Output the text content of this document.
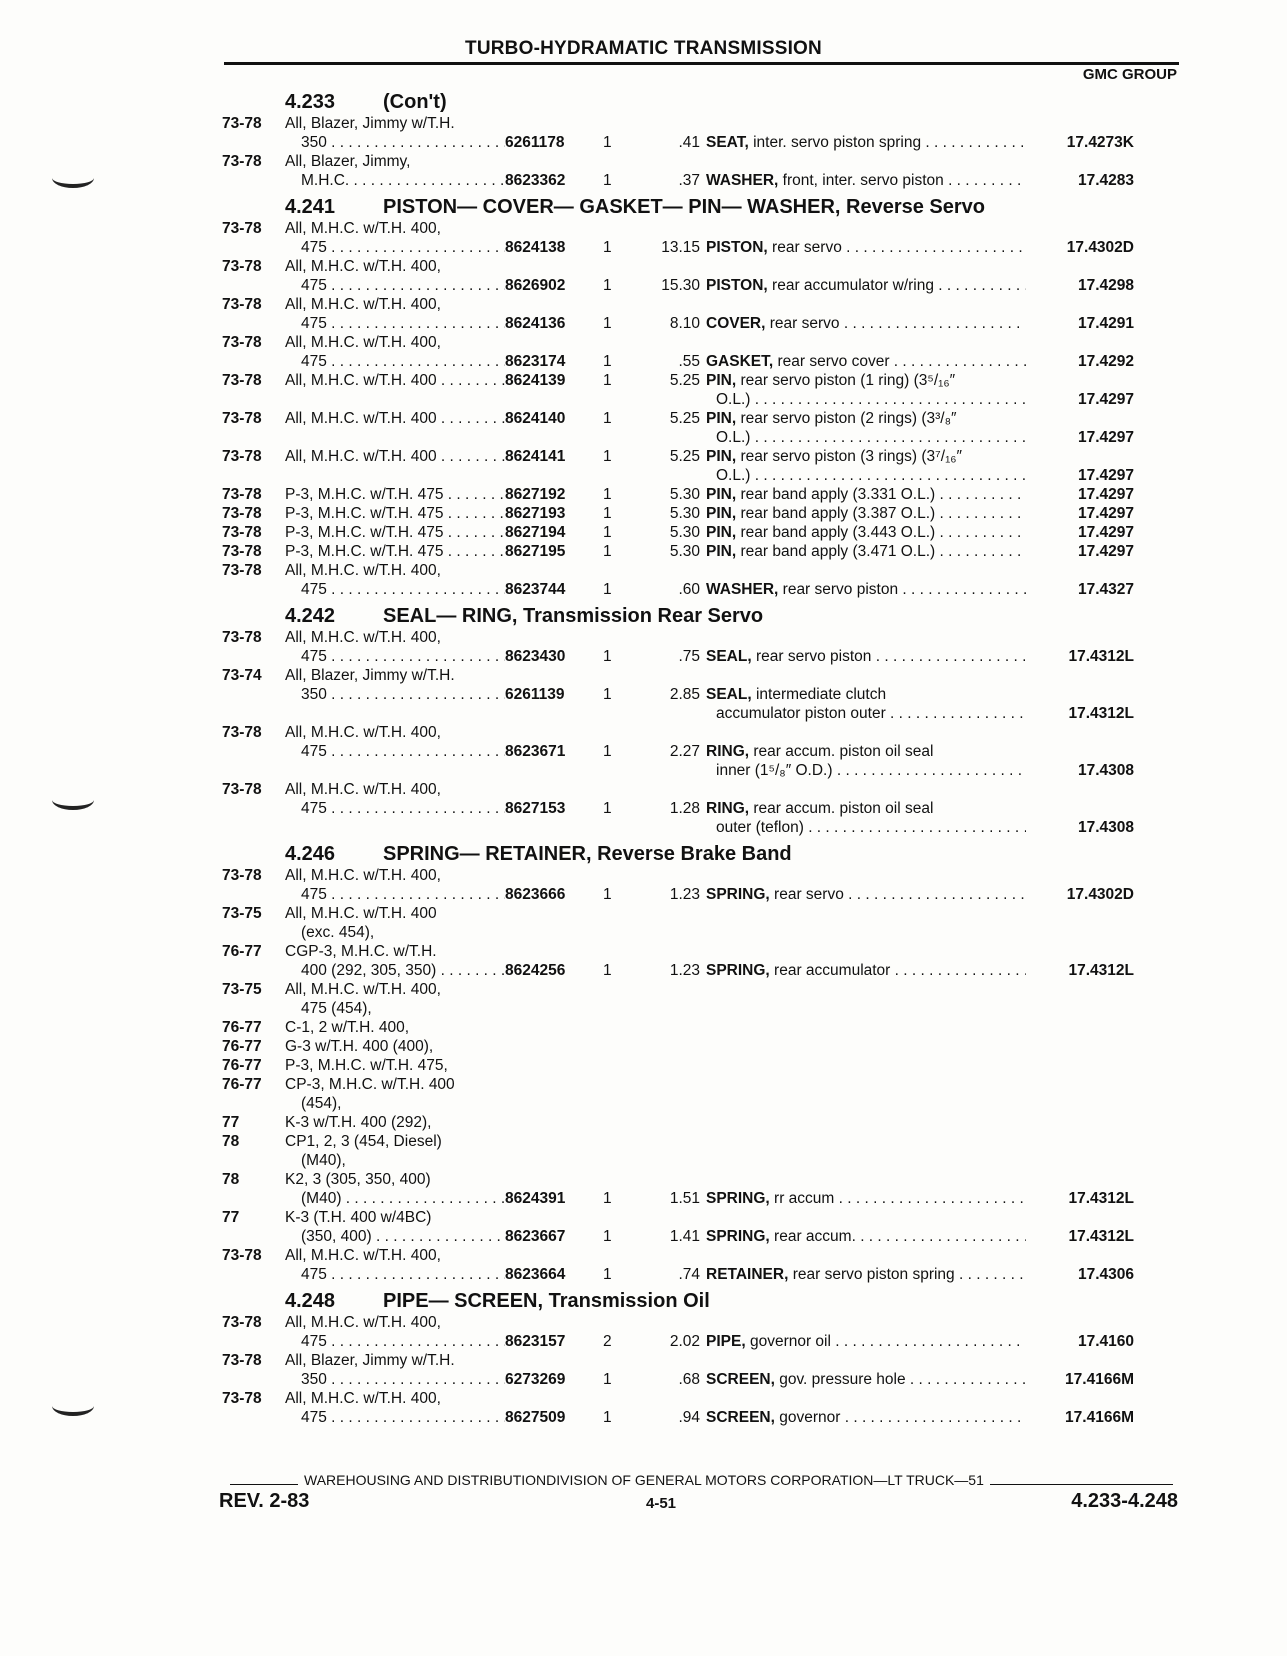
TURBO-HYDRAMATIC TRANSMISSION
GMC GROUP
4.233	(Con't)
73-78	All, Blazer, Jimmy w/T.H.
350 . . .	6261178	1	.41 SEAT, inter. servo piston spring . . .	17.4273K
73-78	All, Blazer, Jimmy,
M.H.C. . . .	8623362	1	.37 WASHER, front, inter. servo piston . . .	17.4283
4.241	PISTON— COVER— GASKET— PIN— WASHER, Reverse Servo
73-78	All, M.H.C. w/T.H. 400,
475 . . .	8624138	1	13.15 PISTON, rear servo . . .	17.4302D
73-78	All, M.H.C. w/T.H. 400,
475 . . .	8626902	1	15.30 PISTON, rear accumulator w/ring . . .	17.4298
73-78	All, M.H.C. w/T.H. 400,
475 . . .	8624136	1	8.10 COVER, rear servo . . .	17.4291
73-78	All, M.H.C. w/T.H. 400,
475 . . .	8623174	1	.55 GASKET, rear servo cover . . .	17.4292
73-78	All, M.H.C. w/T.H. 400 . . .	8624139	1	5.25 PIN, rear servo piston (1 ring) (3⁵/₁₆″
O.L.) . . .	17.4297
73-78	All, M.H.C. w/T.H. 400 . . .	8624140	1	5.25 PIN, rear servo piston (2 rings) (3³/₈″
O.L.) . . .	17.4297
73-78	All, M.H.C. w/T.H. 400 . . .	8624141	1	5.25 PIN, rear servo piston (3 rings) (3⁷/₁₆″
O.L.) . . .	17.4297
73-78	P-3, M.H.C. w/T.H. 475 . . .	8627192	1	5.30 PIN, rear band apply (3.331 O.L.) . . .	17.4297
73-78	P-3, M.H.C. w/T.H. 475 . . .	8627193	1	5.30 PIN, rear band apply (3.387 O.L.) . . .	17.4297
73-78	P-3, M.H.C. w/T.H. 475 . . .	8627194	1	5.30 PIN, rear band apply (3.443 O.L.) . . .	17.4297
73-78	P-3, M.H.C. w/T.H. 475 . . .	8627195	1	5.30 PIN, rear band apply (3.471 O.L.) . . .	17.4297
73-78	All, M.H.C. w/T.H. 400,
475 . . .	8623744	1	.60 WASHER, rear servo piston . . .	17.4327
4.242	SEAL— RING, Transmission Rear Servo
73-78	All, M.H.C. w/T.H. 400,
475 . . .	8623430	1	.75 SEAL, rear servo piston . . .	17.4312L
73-74	All, Blazer, Jimmy w/T.H.
350 . . .	6261139	1	2.85 SEAL, intermediate clutch
accumulator piston outer . . .	17.4312L
73-78	All, M.H.C. w/T.H. 400,
475 . . .	8623671	1	2.27 RING, rear accum. piston oil seal
inner (1⁵/₈″ O.D.) . . .	17.4308
73-78	All, M.H.C. w/T.H. 400,
475 . . .	8627153	1	1.28 RING, rear accum. piston oil seal
outer (teflon) . . .	17.4308
4.246	SPRING— RETAINER, Reverse Brake Band
73-78	All, M.H.C. w/T.H. 400,
475 . . .	8623666	1	1.23 SPRING, rear servo . . .	17.4302D
73-75	All, M.H.C. w/T.H. 400
(exc. 454),
76-77	CGP-3, M.H.C. w/T.H.
400 (292, 305, 350) . . .	8624256	1	1.23 SPRING, rear accumulator . . .	17.4312L
73-75	All, M.H.C. w/T.H. 400,
475 (454),
76-77	C-1, 2 w/T.H. 400,
76-77	G-3 w/T.H. 400 (400),
76-77	P-3, M.H.C. w/T.H. 475,
76-77	CP-3, M.H.C. w/T.H. 400
(454),
77	K-3 w/T.H. 400 (292),
78	CP1, 2, 3 (454, Diesel)
(M40),
78	K2, 3 (305, 350, 400)
(M40) . . .	8624391	1	1.51 SPRING, rr accum . . .	17.4312L
77	K-3 (T.H. 400 w/4BC)
(350, 400) . . .	8623667	1	1.41 SPRING, rear accum. . . .	17.4312L
73-78	All, M.H.C. w/T.H. 400,
475 . . .	8623664	1	.74 RETAINER, rear servo piston spring . . .	17.4306
4.248	PIPE— SCREEN, Transmission Oil
73-78	All, M.H.C. w/T.H. 400,
475 . . .	8623157	2	2.02 PIPE, governor oil . . .	17.4160
73-78	All, Blazer, Jimmy w/T.H.
350 . . .	6273269	1	.68 SCREEN, gov. pressure hole . . .	17.4166M
73-78	All, M.H.C. w/T.H. 400,
475 . . .	8627509	1	.94 SCREEN, governor . . .	17.4166M
WAREHOUSING AND DISTRIBUTIONDIVISION OF GENERAL MOTORS CORPORATION—LT TRUCK—51
REV. 2-83	4-51	4.233-4.248
